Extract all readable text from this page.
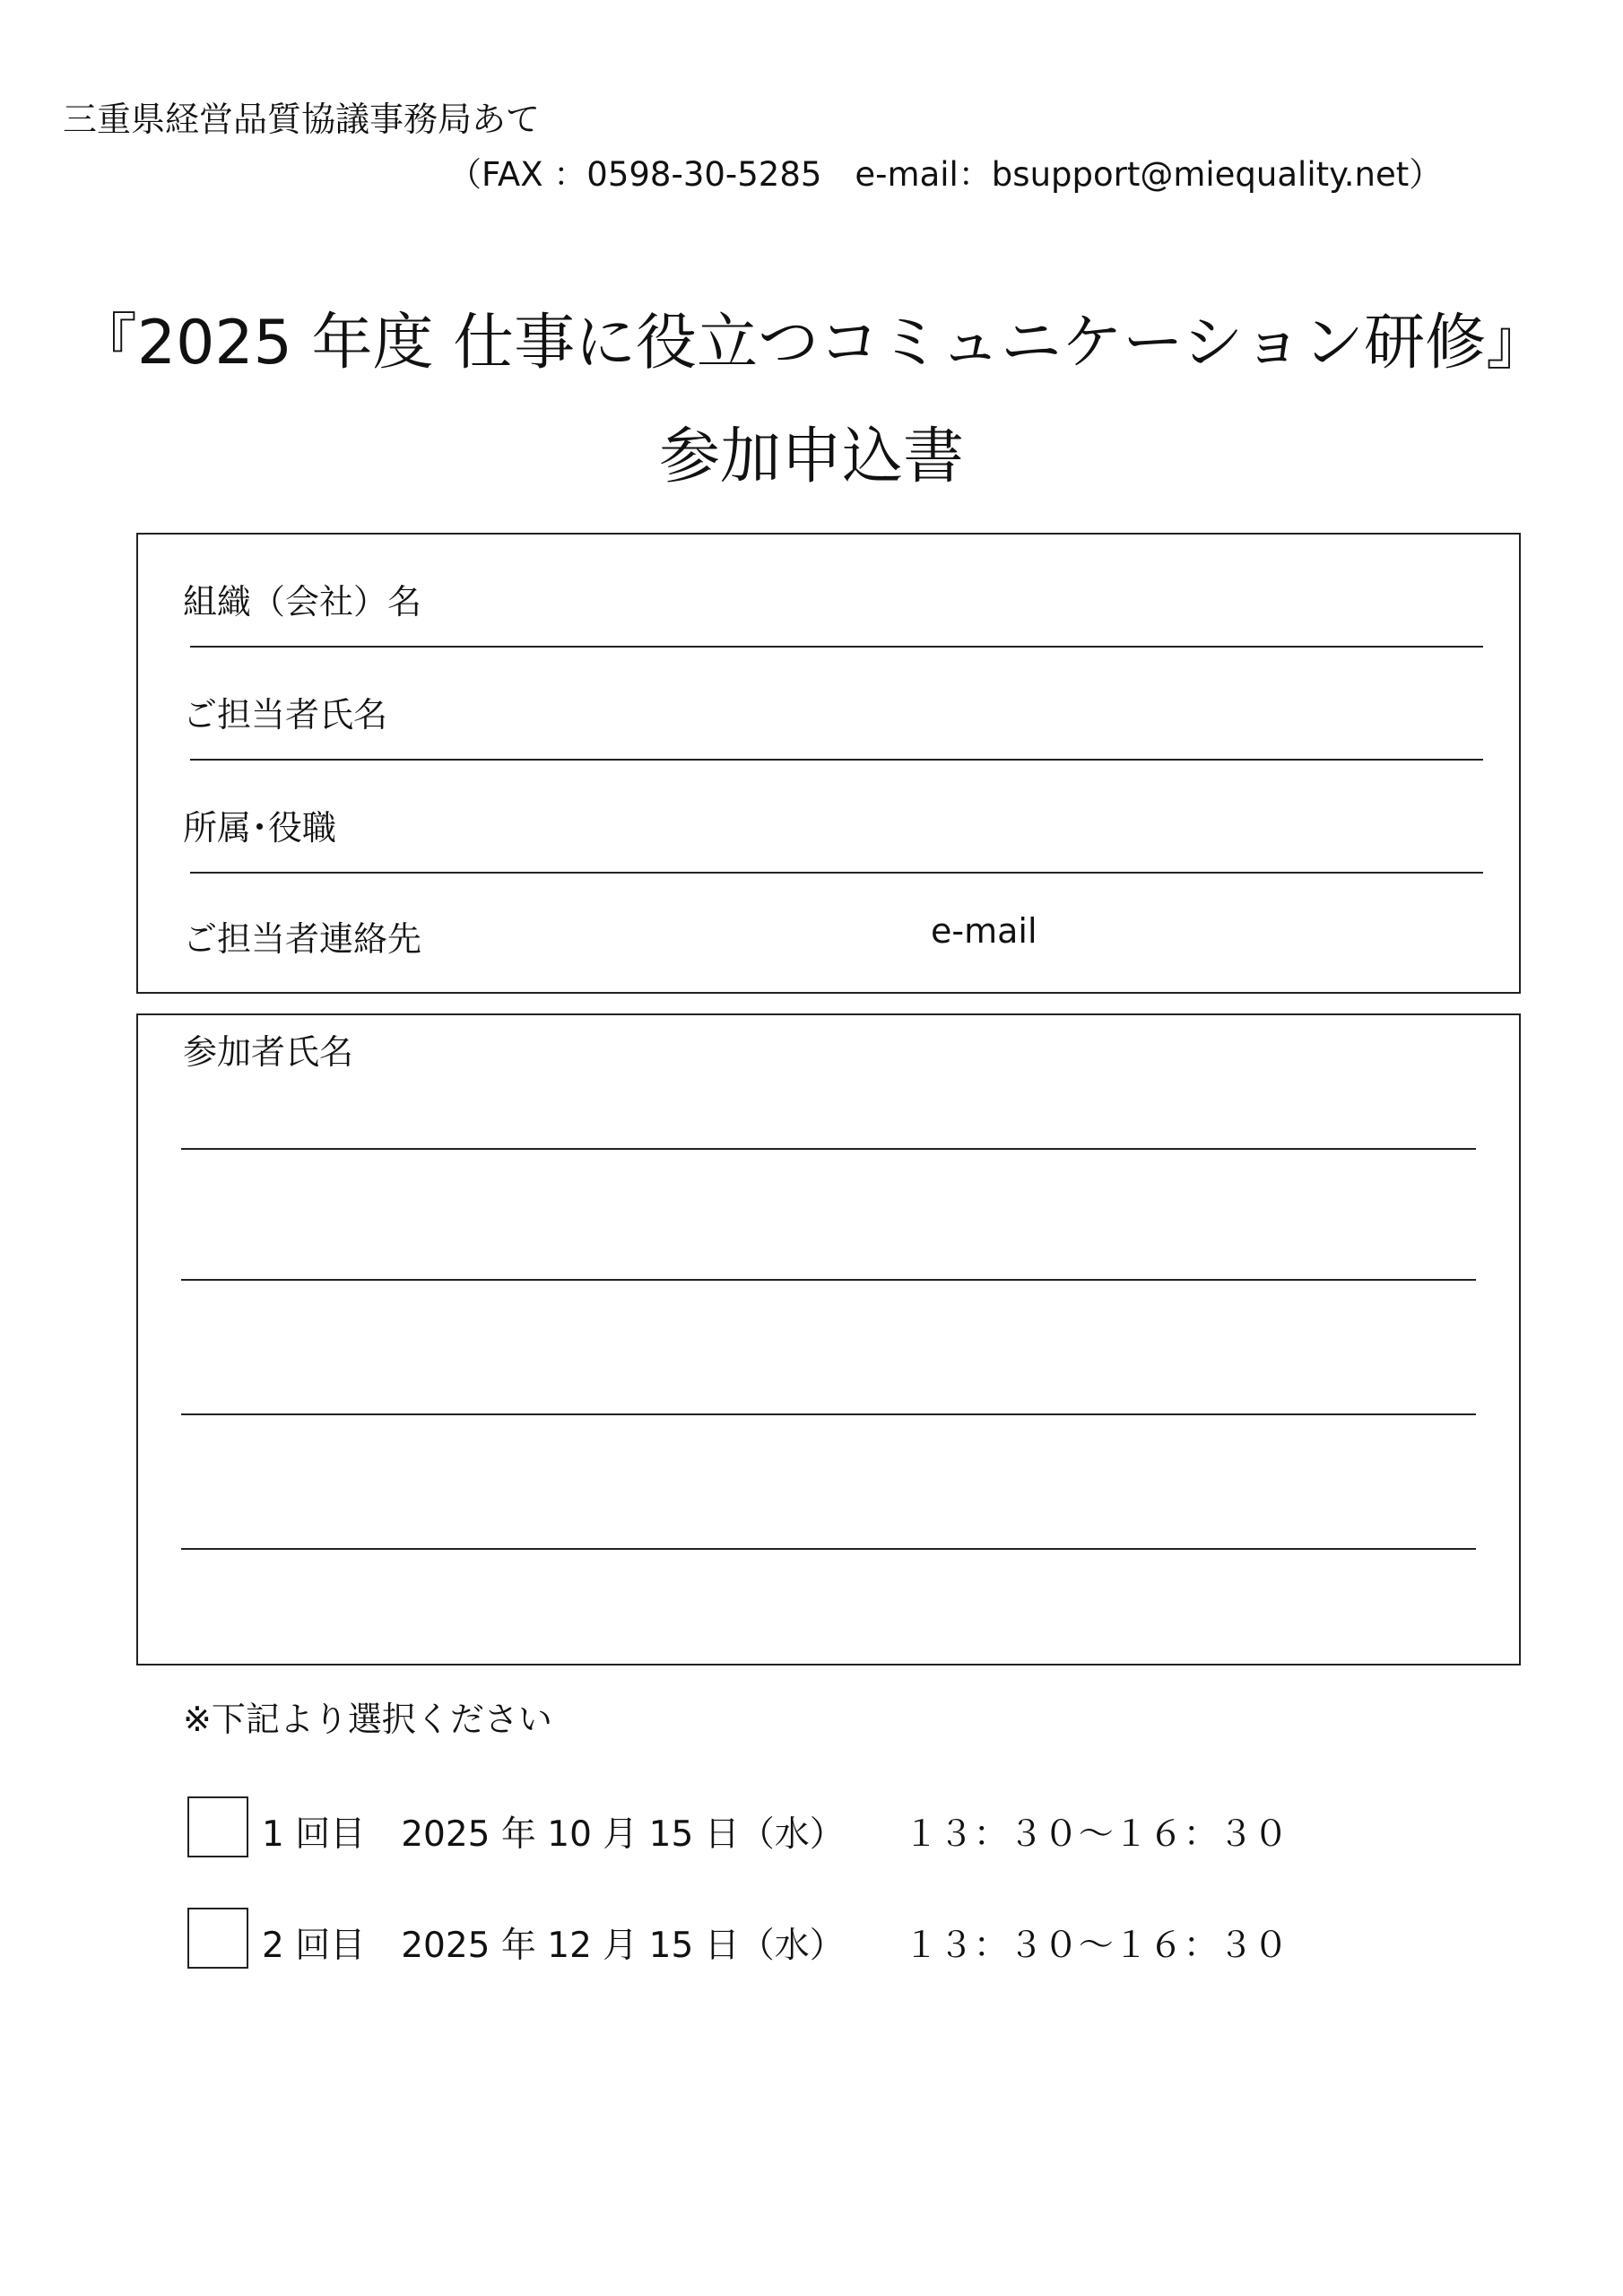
三重県経営品質協議事務局あて
（FAX ：0598-30-5285　e-mail：bsupport@miequality.net）
『2025 年度 仕事に役立つコミュニケーション研修』
参加申込書
組織（会社）名
ご担当者氏名
所属･役職
ご担当者連絡先	e-mail
参加者氏名
※下記より選択ください
1 回目 2025 年 10 月 15 日（水） １３：３０～１６：３０
2 回目 2025 年 12 月 15 日（水） １３：３０～１６：３０
